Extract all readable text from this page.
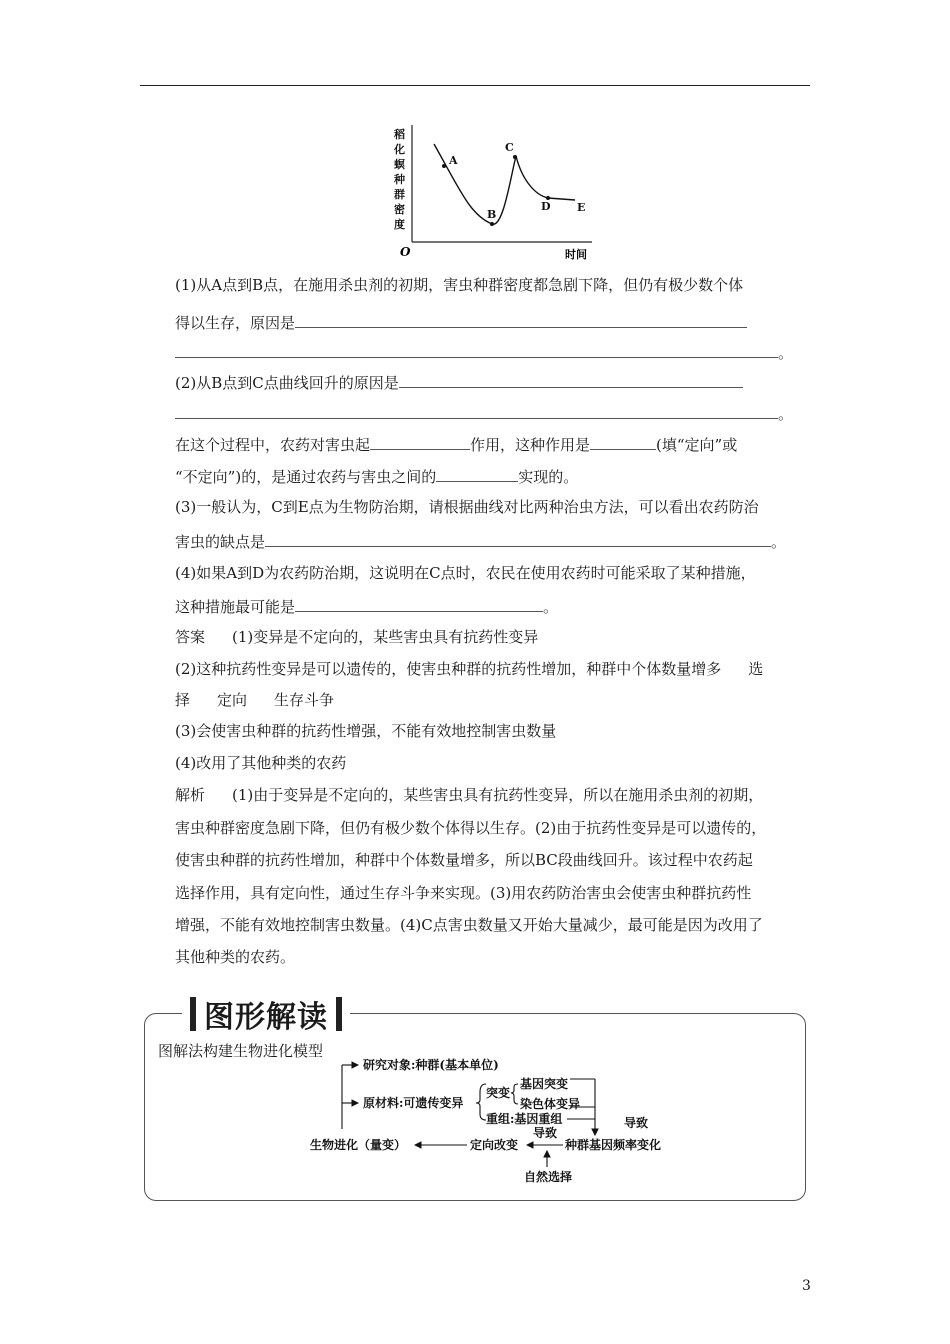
稻
化
螟
种
群
密
度
O	时间
A
B
C
D E
(1)从A点到B点，在施用杀虫剂的初期，害虫种群密度都急剧下降，但仍有极少数个体
得以生存，原因是
。
(2)从B点到C点曲线回升的原因是
。
在这个过程中，农药对害虫起	作用，这种作用是	(填“定向”或
“不定向”)的，是通过农药与害虫之间的	实现的。
(3)一般认为，C到E点为生物防治期，请根据曲线对比两种治虫方法，可以看出农药防治
害虫的缺点是	。
(4)如果A到D为农药防治期，这说明在C点时，农民在使用农药时可能采取了某种措施，
这种措施最可能是	。
答案 (1)变异是不定向的，某些害虫具有抗药性变异
(2)这种抗药性变异是可以遗传的，使害虫种群的抗药性增加，种群中个体数量增多 选
择 定向 生存斗争
(3)会使害虫种群的抗药性增强，不能有效地控制害虫数量
(4)改用了其他种类的农药
解析 (1)由于变异是不定向的，某些害虫具有抗药性变异，所以在施用杀虫剂的初期，
害虫种群密度急剧下降，但仍有极少数个体得以生存。(2)由于抗药性变异是可以遗传的，
使害虫种群的抗药性增加，种群中个体数量增多，所以BC段曲线回升。该过程中农药起
选择作用，具有定向性，通过生存斗争来实现。(3)用农药防治害虫会使害虫种群抗药性
增强，不能有效地控制害虫数量。(4)C点害虫数量又开始大量减少，最可能是因为改用了
其他种类的农药。
图形解读
图解法构建生物进化模型
研究对象:种群(基本单位)
原材料:可遗传变异
突变
基因突变
染色体变异
重组:基因重组	导致
种群基因频率变化
导致
定向改变
生物进化（量变）
自然选择
3
